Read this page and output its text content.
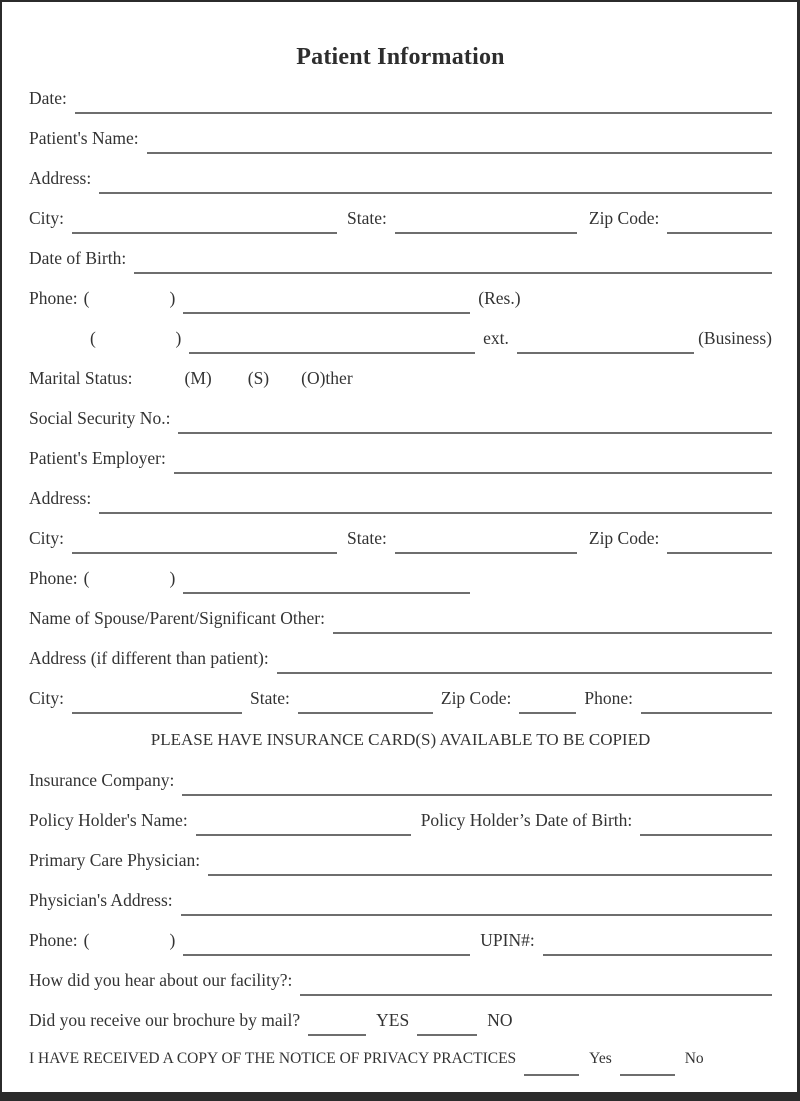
Patient Information
Date:
Patient's Name:
Address:
City:	State:	Zip Code:
Date of Birth:
Phone: (	)	(Res.)
(	)	ext.	(Business)
Marital Status:	(M) (S) (O)ther
Social Security No.:
Patient's Employer:
Address:
City:	State:	Zip Code:
Phone: (	)
Name of Spouse/Parent/Significant Other:
Address (if different than patient):
City:	State:	Zip Code:	Phone:
PLEASE HAVE INSURANCE CARD(S) AVAILABLE TO BE COPIED
Insurance Company:
Policy Holder's Name:	Policy Holder’s Date of Birth:
Primary Care Physician:
Physician's Address:
Phone: (	)	UPIN#:
How did you hear about our facility?:
Did you receive our brochure by mail?	YES	NO
I HAVE RECEIVED A COPY OF THE NOTICE OF PRIVACY PRACTICES	Yes	No
